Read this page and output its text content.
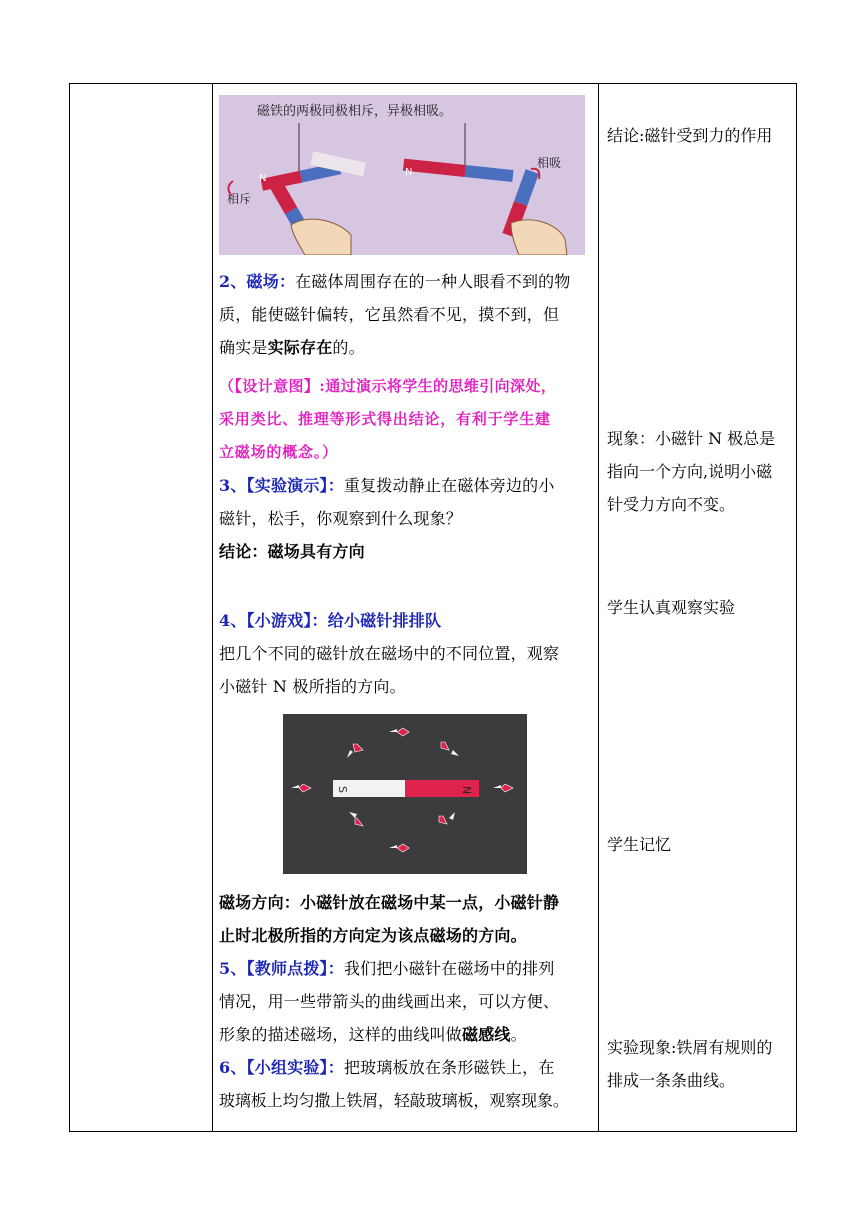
磁铁的两极同极相斥，异极相吸。
N
N
相斥
相吸
2、磁场：在磁体周围存在的一种人眼看不到的物
质，能使磁针偏转，它虽然看不见，摸不到，但
确实是实际存在的。
（【设计意图】:通过演示将学生的思维引向深处，
采用类比、推理等形式得出结论，有利于学生建
立磁场的概念。）
3、【实验演示】：重复拨动静止在磁体旁边的小
磁针，松手，你观察到什么现象？
结论：磁场具有方向
4、【小游戏】：给小磁针排排队
把几个不同的磁针放在磁场中的不同位置，观察
小磁针 N 极所指的方向。
S	N
磁场方向：小磁针放在磁场中某一点，小磁针静
止时北极所指的方向定为该点磁场的方向。
5、【教师点拨】：我们把小磁针在磁场中的排列
情况，用一些带箭头的曲线画出来，可以方便、
形象的描述磁场，这样的曲线叫做磁感线。
6、【小组实验】：把玻璃板放在条形磁铁上，在
玻璃板上均匀撒上铁屑，轻敲玻璃板，观察现象。
结论:磁针受到力的作用
现象：小磁针 N 极总是
指向一个方向,说明小磁
针受力方向不变。
学生认真观察实验
学生记忆
实验现象:铁屑有规则的
排成一条条曲线。
